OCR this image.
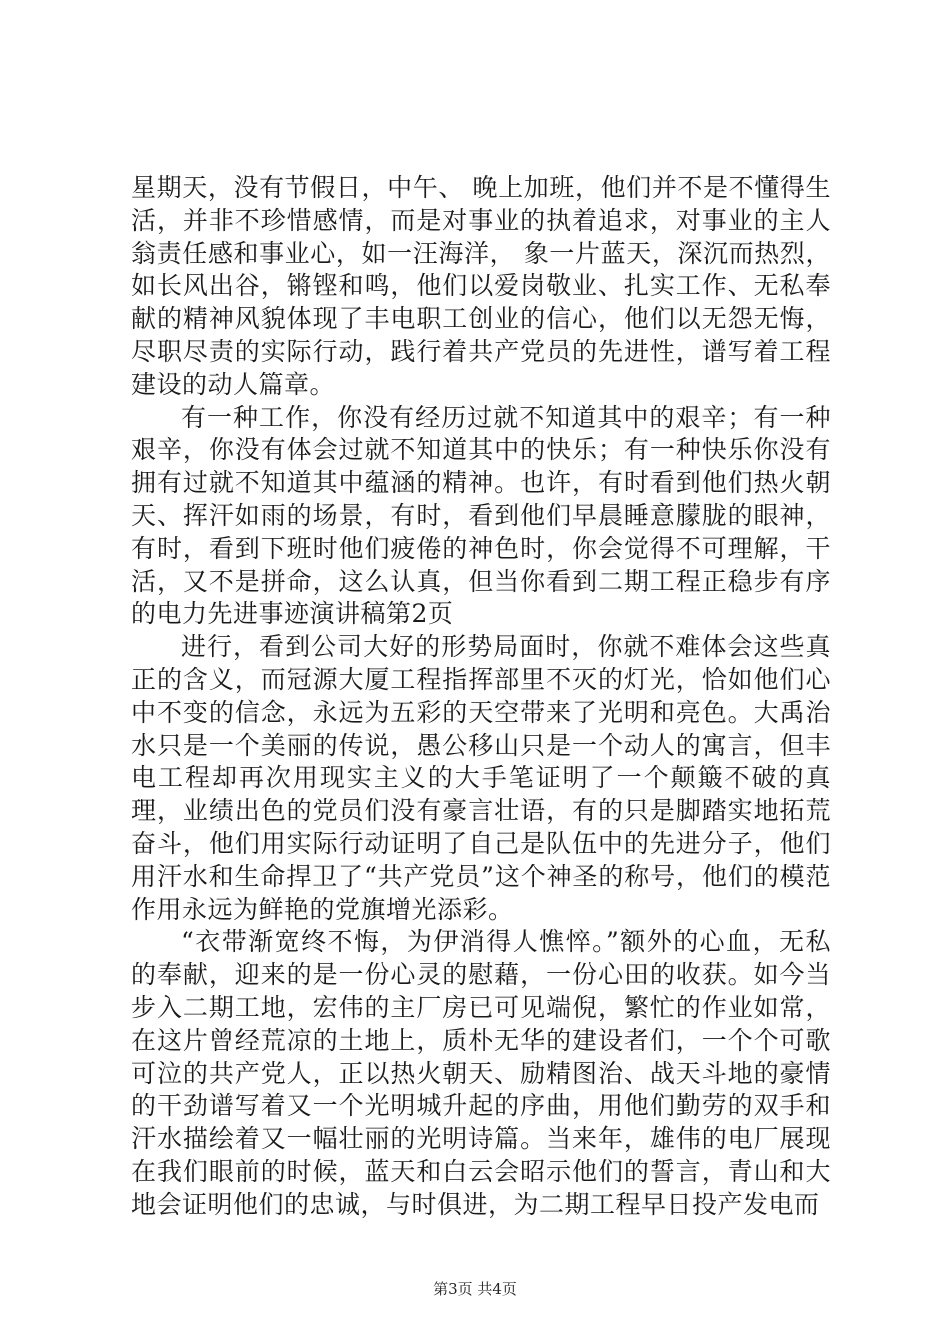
星期天，没有节假日，中午、 晚上加班，他们并不是不懂得生活，并非不珍惜感情，而是对事业的执着追求，对事业的主人翁责任感和事业心，如一汪海洋， 象一片蓝天，深沉而热烈，如长风出谷，锵铿和鸣，他们以爱岗敬业、扎实工作、无私奉献的精神风貌体现了丰电职工创业的信心，他们以无怨无悔，尽职尽责的实际行动，践行着共产党员的先进性，谱写着工程建设的动人篇章。

有一种工作，你没有经历过就不知道其中的艰辛；有一种艰辛，你没有体会过就不知道其中的快乐；有一种快乐你没有拥有过就不知道其中蕴涵的精神。也许，有时看到他们热火朝天、挥汗如雨的场景，有时，看到他们早晨睡意朦胧的眼神，有时，看到下班时他们疲倦的神色时，你会觉得不可理解，干活，又不是拼命，这么认真，但当你看到二期工程正稳步有序的电力先进事迹演讲稿第2页

进行，看到公司大好的形势局面时，你就不难体会这些真正的含义，而冠源大厦工程指挥部里不灭的灯光，恰如他们心中不变的信念，永远为五彩的天空带来了光明和亮色。大禹治水只是一个美丽的传说，愚公移山只是一个动人的寓言，但丰电工程却再次用现实主义的大手笔证明了一个颠簸不破的真理，业绩出色的党员们没有豪言壮语，有的只是脚踏实地拓荒奋斗，他们用实际行动证明了自己是队伍中的先进分子，他们用汗水和生命捍卫了“共产党员”这个神圣的称号，他们的模范作用永远为鲜艳的党旗增光添彩。

“衣带渐宽终不悔，为伊消得人憔悴。”额外的心血，无私的奉献，迎来的是一份心灵的慰藉，一份心田的收获。如今当步入二期工地，宏伟的主厂房已可见端倪，繁忙的作业如常，在这片曾经荒凉的土地上，质朴无华的建设者们，一个个可歌可泣的共产党人，正以热火朝天、励精图治、战天斗地的豪情的干劲谱写着又一个光明城升起的序曲，用他们勤劳的双手和汗水描绘着又一幅壮丽的光明诗篇。当来年，雄伟的电厂展现在我们眼前的时候，蓝天和白云会昭示他们的誓言，青山和大地会证明他们的忠诚，与时俱进，为二期工程早日投产发电而

第3页 共4页
